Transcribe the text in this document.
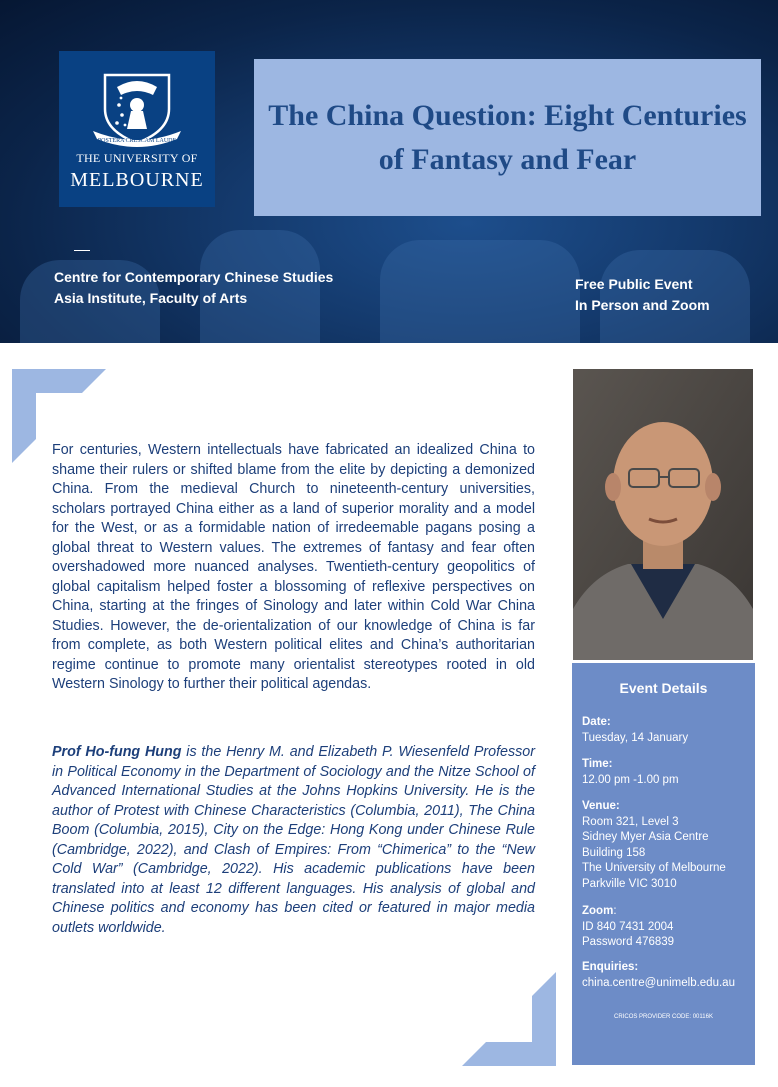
POSTERA CRESCAM LAUDE
THE UNIVERSITY OF
MELBOURNE
The China Question: Eight Centuries of Fantasy and Fear
Centre for Contemporary Chinese Studies
Asia Institute, Faculty of Arts
Free Public Event
In Person and Zoom

For centuries, Western intellectuals have fabricated an idealized China to shame their rulers or shifted blame from the elite by depicting a demonized China. From the medieval Church to nineteenth-century universities, scholars portrayed China either as a land of superior morality and a model for the West, or as a formidable nation of irredeemable pagans posing a global threat to Western values. The extremes of fantasy and fear often overshadowed more nuanced analyses. Twentieth-century geopolitics of global capitalism helped foster a blossoming of reflexive perspectives on China, starting at the fringes of Sinology and later within Cold War China Studies. However, the de-orientalization of our knowledge of China is far from complete, as both Western political elites and China’s authoritarian regime continue to promote many orientalist stereotypes rooted in old Western Sinology to further their political agendas.

Prof Ho-fung Hung is the Henry M. and Elizabeth P. Wiesenfeld Professor in Political Economy in the Department of Sociology and the Nitze School of Advanced International Studies at the Johns Hopkins University. He is the author of Protest with Chinese Characteristics (Columbia, 2011), The China Boom (Columbia, 2015), City on the Edge: Hong Kong under Chinese Rule (Cambridge, 2022), and Clash of Empires: From “Chimerica” to the “New Cold War” (Cambridge, 2022). His academic publications have been translated into at least 12 different languages. His analysis of global and Chinese politics and economy has been cited or featured in major media outlets worldwide.

Event Details
Date:
Tuesday, 14 January
Time:
12.00 pm -1.00 pm
Venue:
Room 321, Level 3
Sidney Myer Asia Centre
Building 158
The University of Melbourne
Parkville VIC 3010
Zoom:
ID 840 7431 2004
Password 476839
Enquiries:
china.centre@unimelb.edu.au
CRICOS PROVIDER CODE: 00116K
